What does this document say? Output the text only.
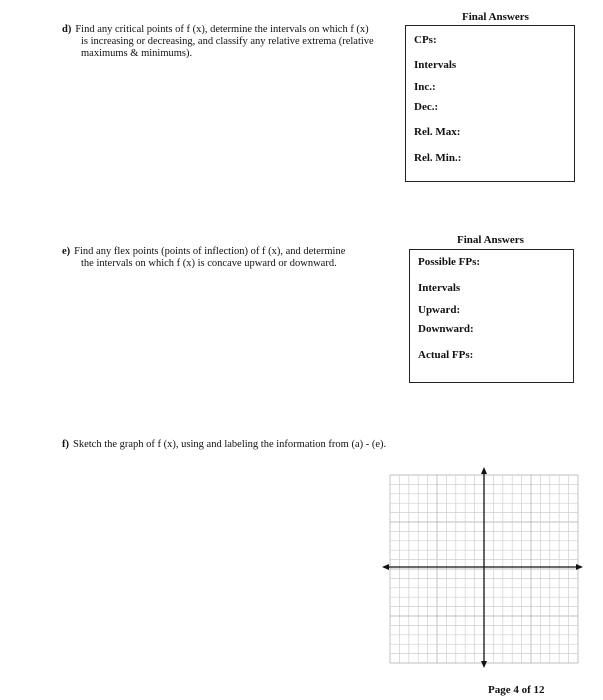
d) Find any critical points of f (x), determine the intervals on which f (x)
is increasing or decreasing, and classify any relative extrema (relative
maximums & minimums).
Final Answers
CPs:
Intervals
Inc.:
Dec.:
Rel. Max:
Rel. Min.:
e) Find any flex points (points of inflection) of f (x), and determine
the intervals on which f (x) is concave upward or downward.
Final Answers
Possible FPs:
Intervals
Upward:
Downward:
Actual FPs:
f) Sketch the graph of f (x), using and labeling the information from (a) - (e).
Page 4 of 12
